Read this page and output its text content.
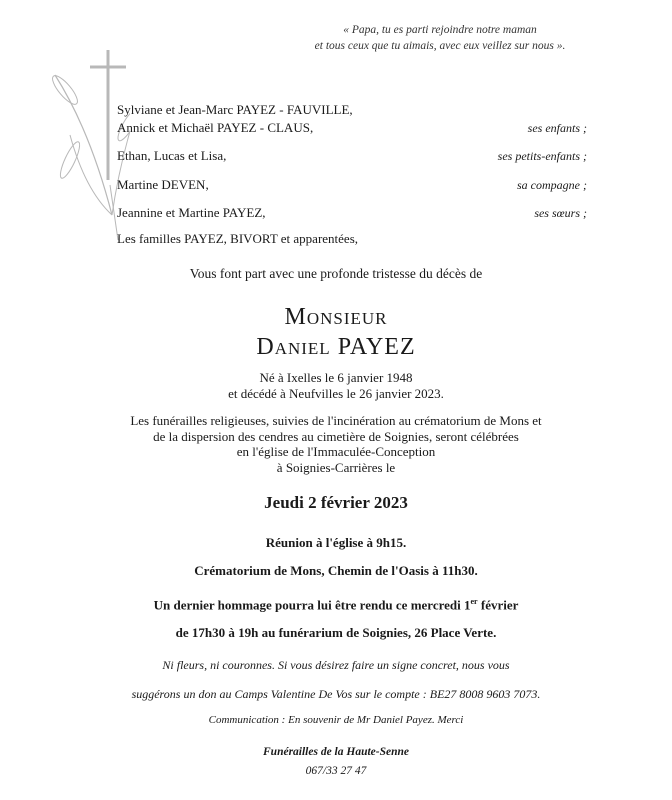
« Papa, tu es parti rejoindre notre maman
et tous ceux que tu aimais, avec eux veillez sur nous ».
Sylviane et Jean-Marc PAYEZ - FAUVILLE,
Annick et Michaël PAYEZ - CLAUS,	ses enfants ;
Ethan, Lucas et Lisa,	ses petits-enfants ;
Martine DEVEN,	sa compagne ;
Jeannine et Martine PAYEZ,	ses sœurs ;
Les familles PAYEZ, BIVORT et apparentées,
Vous font part avec une profonde tristesse du décès de
Monsieur
Daniel PAYEZ
Né à Ixelles le 6 janvier 1948
et décédé à Neufvilles le 26 janvier 2023.
Les funérailles religieuses, suivies de l'incinération au crématorium de Mons et
de la dispersion des cendres au cimetière de Soignies, seront célébrées
en l'église de l'Immaculée-Conception
à Soignies-Carrières le
Jeudi 2 février 2023
Réunion à l'église à 9h15.
Crématorium de Mons, Chemin de l'Oasis à 11h30.
Un dernier hommage pourra lui être rendu ce mercredi 1er février
de 17h30 à 19h au funérarium de Soignies, 26 Place Verte.
Ni fleurs, ni couronnes. Si vous désirez faire un signe concret, nous vous
suggérons un don au Camps Valentine De Vos sur le compte : BE27 8008 9603 7073.
Communication : En souvenir de Mr Daniel Payez. Merci
Funérailles de la Haute-Senne
067/33 27 47
